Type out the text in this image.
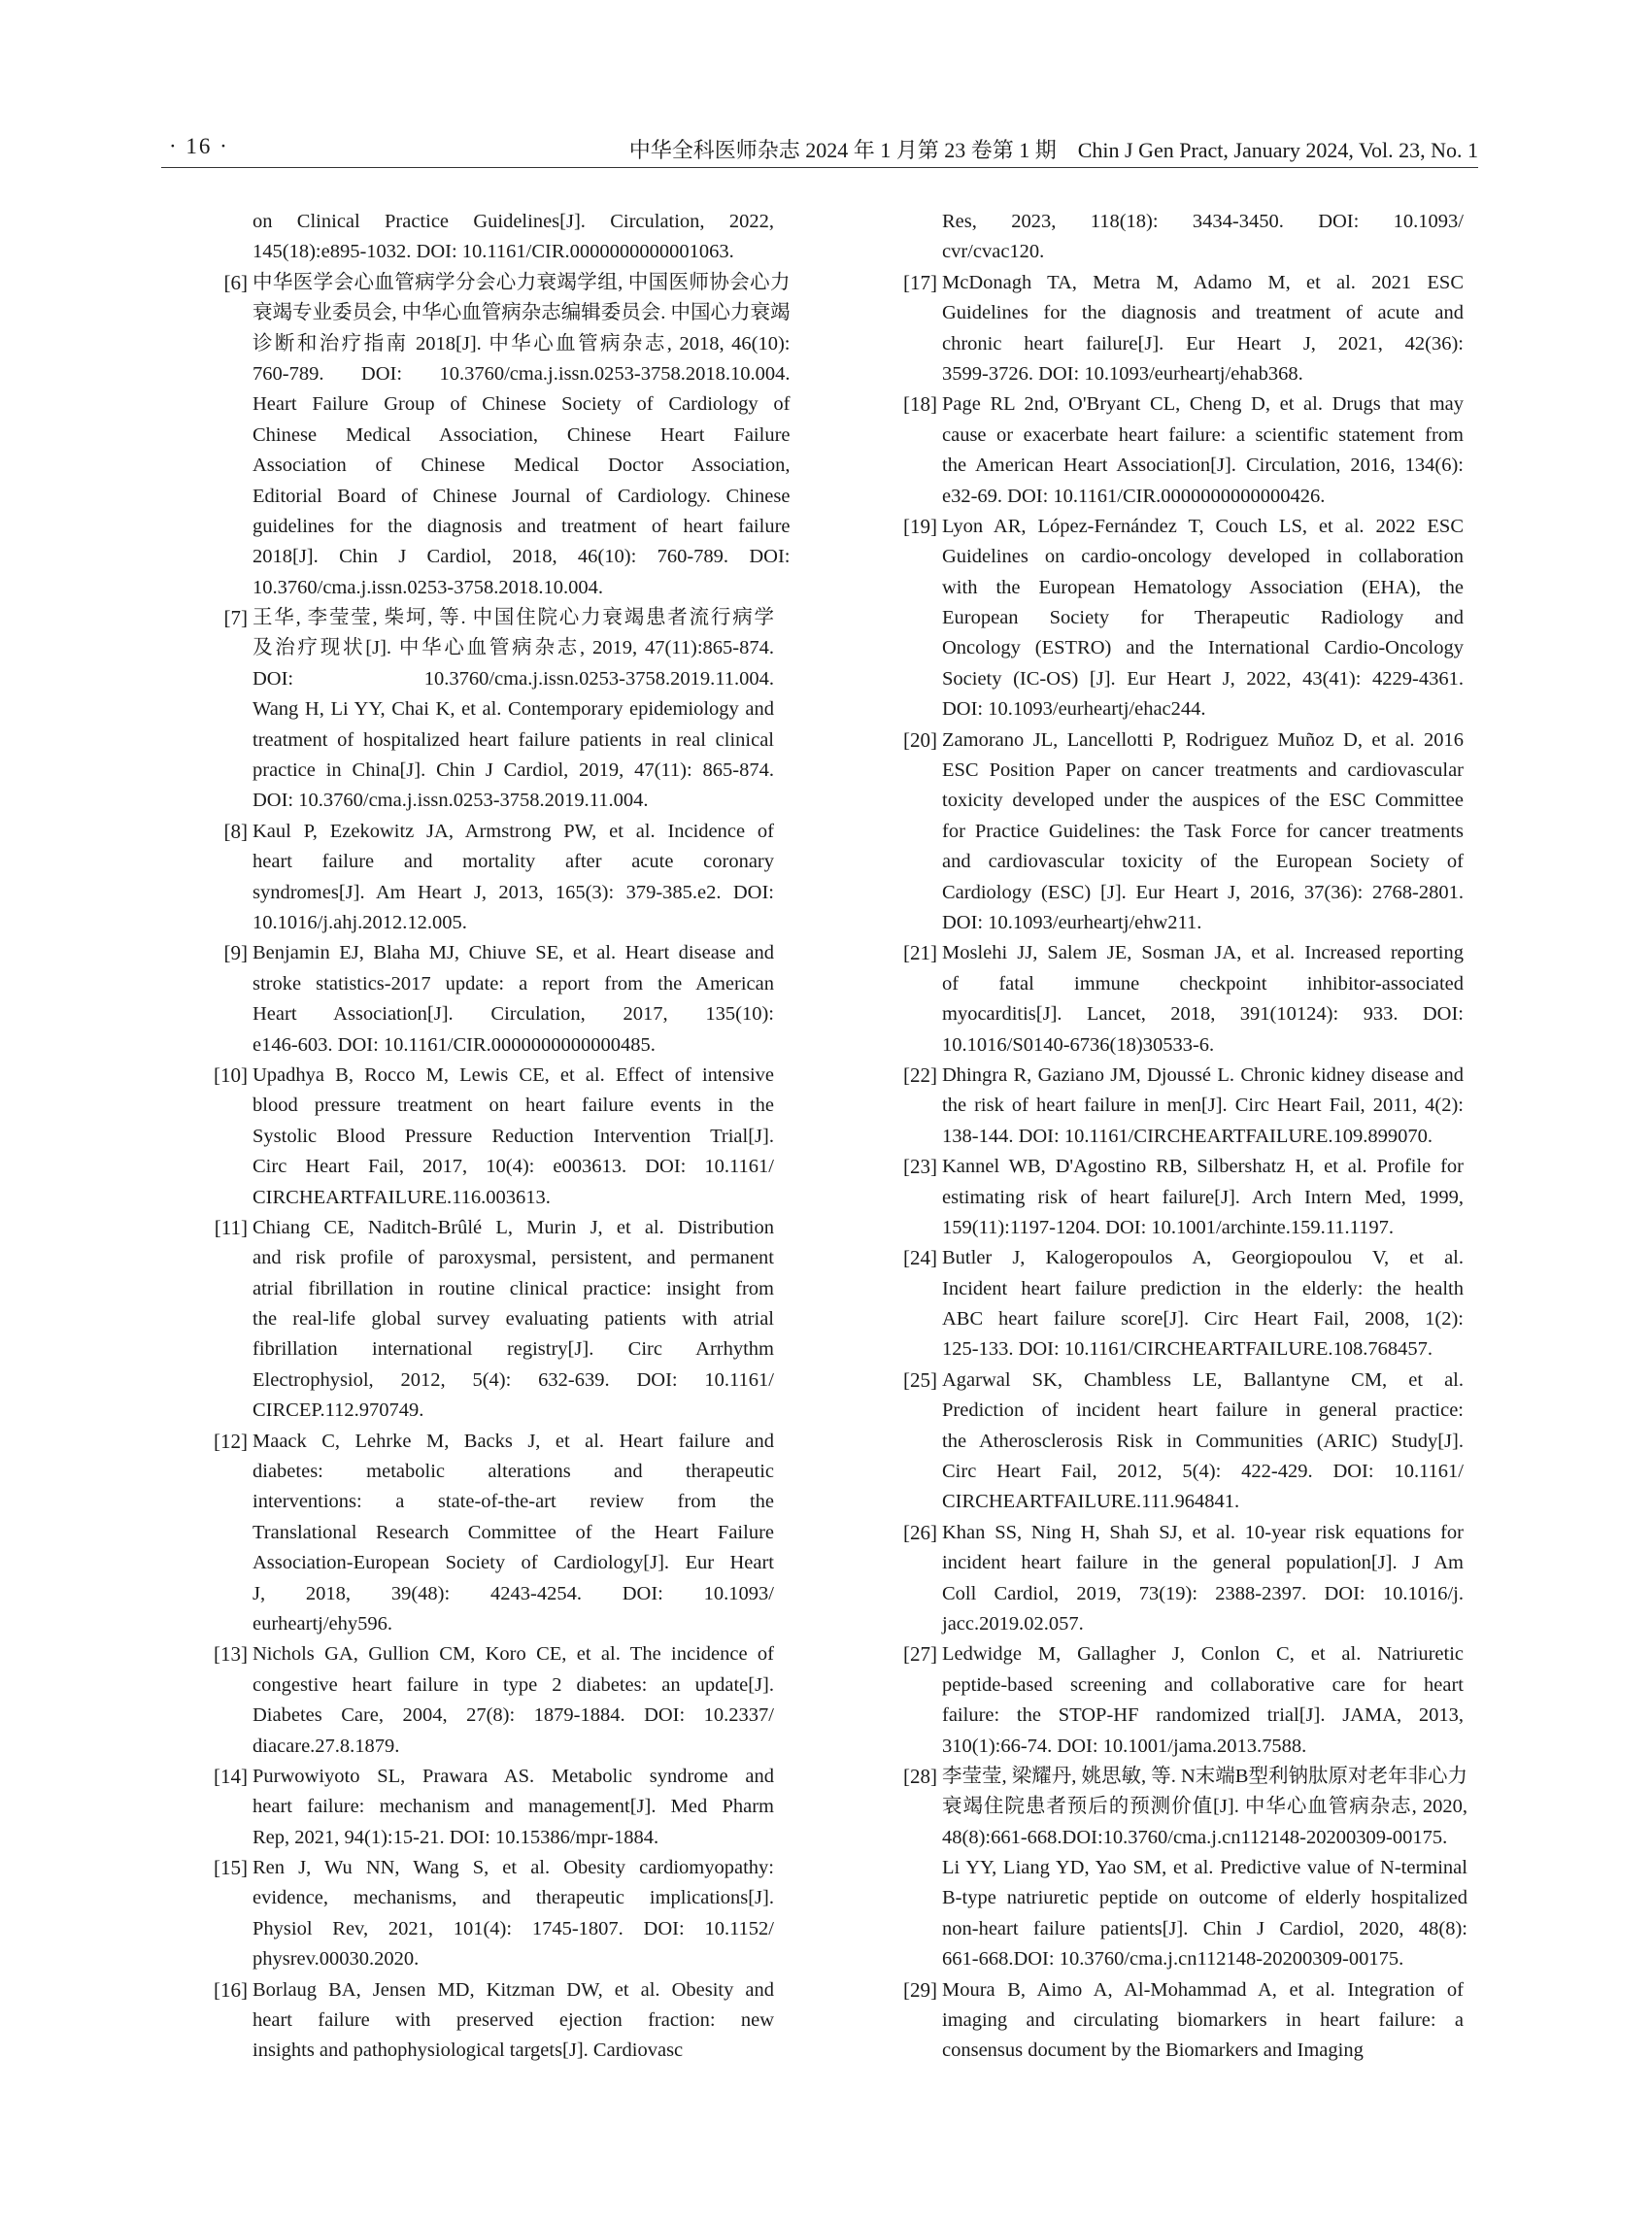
· 16 ·	中华全科医师杂志 2024 年 1 月第 23 卷第 1 期　Chin J Gen Pract, January 2024, Vol. 23, No. 1
on Clinical Practice Guidelines[J]. Circulation, 2022,
145(18):e895-1032. DOI: 10.1161/CIR.0000000000001063.
[6] 中华医学会心血管病学分会心力衰竭学组, 中国医师协会心力
衰竭专业委员会, 中华心血管病杂志编辑委员会. 中国心力衰竭
诊断和治疗指南 2018[J]. 中华心血管病杂志, 2018, 46(10):
760-789. DOI: 10.3760/cma.j.issn.0253-3758.2018.10.004.
Heart Failure Group of Chinese Society of Cardiology of
Chinese Medical Association, Chinese Heart Failure
Association of Chinese Medical Doctor Association,
Editorial Board of Chinese Journal of Cardiology. Chinese
guidelines for the diagnosis and treatment of heart failure
2018[J]. Chin J Cardiol, 2018, 46(10): 760-789. DOI:
10.3760/cma.j.issn.0253-3758.2018.10.004.
[7] 王华, 李莹莹, 柴坷, 等. 中国住院心力衰竭患者流行病学
及治疗现状[J]. 中华心血管病杂志, 2019, 47(11):865-874.
DOI: 10.3760/cma.j.issn.0253-3758.2019.11.004.
Wang H, Li YY, Chai K, et al. Contemporary epidemiology and
treatment of hospitalized heart failure patients in real clinical
practice in China[J]. Chin J Cardiol, 2019, 47(11): 865-874.
DOI: 10.3760/cma.j.issn.0253-3758.2019.11.004.
[8] Kaul P, Ezekowitz JA, Armstrong PW, et al. Incidence of
heart failure and mortality after acute coronary
syndromes[J]. Am Heart J, 2013, 165(3): 379-385.e2. DOI:
10.1016/j.ahj.2012.12.005.
[9] Benjamin EJ, Blaha MJ, Chiuve SE, et al. Heart disease and
stroke statistics-2017 update: a report from the American
Heart Association[J]. Circulation, 2017, 135(10):
e146-603. DOI: 10.1161/CIR.0000000000000485.
[10] Upadhya B, Rocco M, Lewis CE, et al. Effect of intensive
blood pressure treatment on heart failure events in the
Systolic Blood Pressure Reduction Intervention Trial[J].
Circ Heart Fail, 2017, 10(4): e003613. DOI: 10.1161/
CIRCHEARTFAILURE.116.003613.
[11] Chiang CE, Naditch-Brûlé L, Murin J, et al. Distribution
and risk profile of paroxysmal, persistent, and permanent
atrial fibrillation in routine clinical practice: insight from
the real-life global survey evaluating patients with atrial
fibrillation international registry[J]. Circ Arrhythm
Electrophysiol, 2012, 5(4): 632-639. DOI: 10.1161/
CIRCEP.112.970749.
[12] Maack C, Lehrke M, Backs J, et al. Heart failure and
diabetes: metabolic alterations and therapeutic
interventions: a state-of-the-art review from the
Translational Research Committee of the Heart Failure
Association-European Society of Cardiology[J]. Eur Heart
J, 2018, 39(48): 4243-4254. DOI: 10.1093/
eurheartj/ehy596.
[13] Nichols GA, Gullion CM, Koro CE, et al. The incidence of
congestive heart failure in type 2 diabetes: an update[J].
Diabetes Care, 2004, 27(8): 1879-1884. DOI: 10.2337/
diacare.27.8.1879.
[14] Purwowiyoto SL, Prawara AS. Metabolic syndrome and
heart failure: mechanism and management[J]. Med Pharm
Rep, 2021, 94(1):15-21. DOI: 10.15386/mpr-1884.
[15] Ren J, Wu NN, Wang S, et al. Obesity cardiomyopathy:
evidence, mechanisms, and therapeutic implications[J].
Physiol Rev, 2021, 101(4): 1745-1807. DOI: 10.1152/
physrev.00030.2020.
[16] Borlaug BA, Jensen MD, Kitzman DW, et al. Obesity and
heart failure with preserved ejection fraction: new
insights and pathophysiological targets[J]. Cardiovasc
Res, 2023, 118(18): 3434-3450. DOI: 10.1093/
cvr/cvac120.
[17] McDonagh TA, Metra M, Adamo M, et al. 2021 ESC
Guidelines for the diagnosis and treatment of acute and
chronic heart failure[J]. Eur Heart J, 2021, 42(36):
3599-3726. DOI: 10.1093/eurheartj/ehab368.
[18] Page RL 2nd, O'Bryant CL, Cheng D, et al. Drugs that may
cause or exacerbate heart failure: a scientific statement from
the American Heart Association[J]. Circulation, 2016, 134(6):
e32-69. DOI: 10.1161/CIR.0000000000000426.
[19] Lyon AR, López-Fernández T, Couch LS, et al. 2022 ESC
Guidelines on cardio-oncology developed in collaboration
with the European Hematology Association (EHA), the
European Society for Therapeutic Radiology and
Oncology (ESTRO) and the International Cardio-Oncology
Society (IC-OS) [J]. Eur Heart J, 2022, 43(41): 4229-4361.
DOI: 10.1093/eurheartj/ehac244.
[20] Zamorano JL, Lancellotti P, Rodriguez Muñoz D, et al. 2016
ESC Position Paper on cancer treatments and cardiovascular
toxicity developed under the auspices of the ESC Committee
for Practice Guidelines: the Task Force for cancer treatments
and cardiovascular toxicity of the European Society of
Cardiology (ESC) [J]. Eur Heart J, 2016, 37(36): 2768-2801.
DOI: 10.1093/eurheartj/ehw211.
[21] Moslehi JJ, Salem JE, Sosman JA, et al. Increased reporting
of fatal immune checkpoint inhibitor-associated
myocarditis[J]. Lancet, 2018, 391(10124): 933. DOI:
10.1016/S0140-6736(18)30533-6.
[22] Dhingra R, Gaziano JM, Djoussé L. Chronic kidney disease and
the risk of heart failure in men[J]. Circ Heart Fail, 2011, 4(2):
138-144. DOI: 10.1161/CIRCHEARTFAILURE.109.899070.
[23] Kannel WB, D'Agostino RB, Silbershatz H, et al. Profile for
estimating risk of heart failure[J]. Arch Intern Med, 1999,
159(11):1197-1204. DOI: 10.1001/archinte.159.11.1197.
[24] Butler J, Kalogeropoulos A, Georgiopoulou V, et al.
Incident heart failure prediction in the elderly: the health
ABC heart failure score[J]. Circ Heart Fail, 2008, 1(2):
125-133. DOI: 10.1161/CIRCHEARTFAILURE.108.768457.
[25] Agarwal SK, Chambless LE, Ballantyne CM, et al.
Prediction of incident heart failure in general practice:
the Atherosclerosis Risk in Communities (ARIC) Study[J].
Circ Heart Fail, 2012, 5(4): 422-429. DOI: 10.1161/
CIRCHEARTFAILURE.111.964841.
[26] Khan SS, Ning H, Shah SJ, et al. 10-year risk equations for
incident heart failure in the general population[J]. J Am
Coll Cardiol, 2019, 73(19): 2388-2397. DOI: 10.1016/j.
jacc.2019.02.057.
[27] Ledwidge M, Gallagher J, Conlon C, et al. Natriuretic
peptide-based screening and collaborative care for heart
failure: the STOP-HF randomized trial[J]. JAMA, 2013,
310(1):66-74. DOI: 10.1001/jama.2013.7588.
[28] 李莹莹, 梁耀丹, 姚思敏, 等. N末端B型利钠肽原对老年非心力
衰竭住院患者预后的预测价值[J]. 中华心血管病杂志, 2020,
48(8):661-668.DOI:10.3760/cma.j.cn112148-20200309-00175.
Li YY, Liang YD, Yao SM, et al. Predictive value of N-terminal
B-type natriuretic peptide on outcome of elderly hospitalized
non-heart failure patients[J]. Chin J Cardiol, 2020, 48(8):
661-668.DOI: 10.3760/cma.j.cn112148-20200309-00175.
[29] Moura B, Aimo A, Al-Mohammad A, et al. Integration of
imaging and circulating biomarkers in heart failure: a
consensus document by the Biomarkers and Imaging
